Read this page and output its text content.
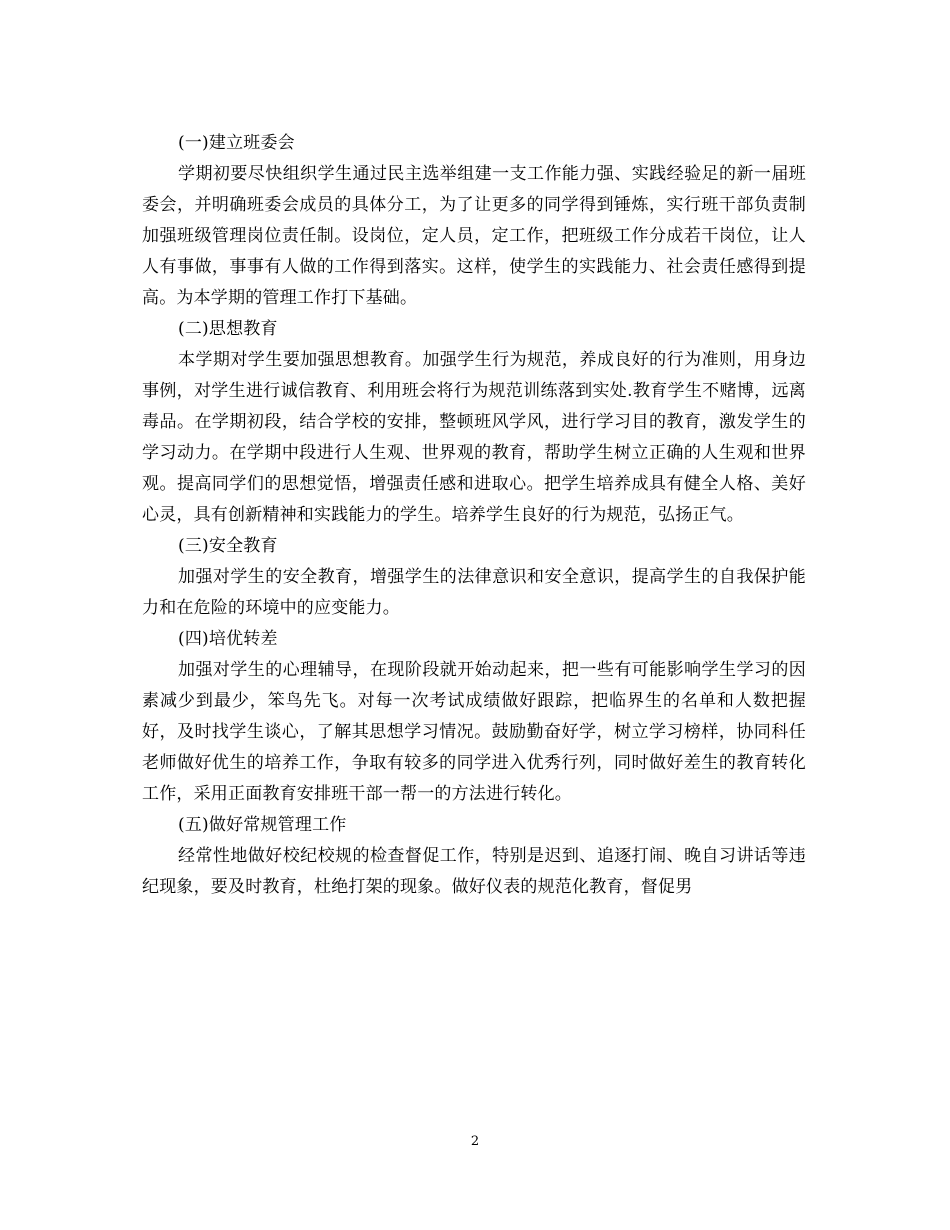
(一)建立班委会

学期初要尽快组织学生通过民主选举组建一支工作能力强、实践经验足的新一届班委会，并明确班委会成员的具体分工，为了让更多的同学得到锤炼，实行班干部负责制加强班级管理岗位责任制。设岗位，定人员，定工作，把班级工作分成若干岗位，让人人有事做，事事有人做的工作得到落实。这样，使学生的实践能力、社会责任感得到提高。为本学期的管理工作打下基础。

(二)思想教育

本学期对学生要加强思想教育。加强学生行为规范，养成良好的行为准则，用身边事例，对学生进行诚信教育、利用班会将行为规范训练落到实处.教育学生不赌博，远离毒品。在学期初段，结合学校的安排，整顿班风学风，进行学习目的教育，激发学生的学习动力。在学期中段进行人生观、世界观的教育，帮助学生树立正确的人生观和世界观。提高同学们的思想觉悟，增强责任感和进取心。把学生培养成具有健全人格、美好心灵，具有创新精神和实践能力的学生。培养学生良好的行为规范，弘扬正气。

(三)安全教育

加强对学生的安全教育，增强学生的法律意识和安全意识，提高学生的自我保护能力和在危险的环境中的应变能力。

(四)培优转差

加强对学生的心理辅导，在现阶段就开始动起来，把一些有可能影响学生学习的因素减少到最少，笨鸟先飞。对每一次考试成绩做好跟踪，把临界生的名单和人数把握好，及时找学生谈心，了解其思想学习情况。鼓励勤奋好学，树立学习榜样，协同科任老师做好优生的培养工作，争取有较多的同学进入优秀行列，同时做好差生的教育转化工作，采用正面教育安排班干部一帮一的方法进行转化。

(五)做好常规管理工作

经常性地做好校纪校规的检查督促工作，特别是迟到、追逐打闹、晚自习讲话等违纪现象，要及时教育，杜绝打架的现象。做好仪表的规范化教育，督促男

2
